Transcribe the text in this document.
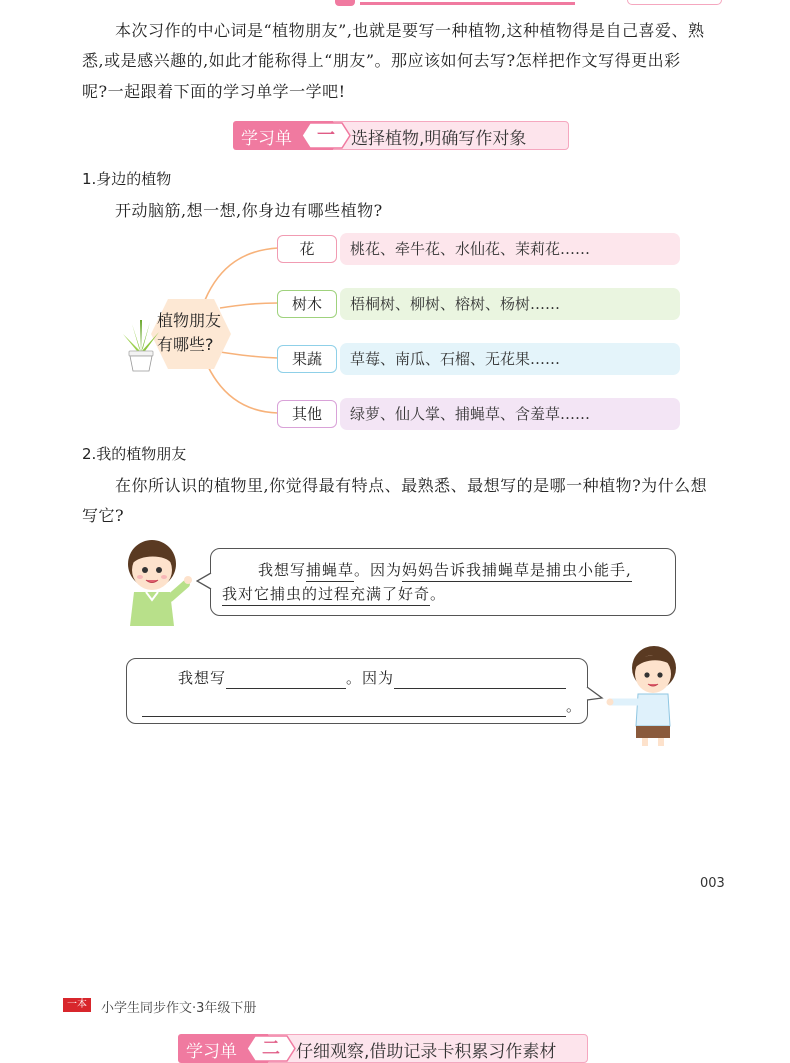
本次习作的中心词是“植物朋友”,也就是要写一种植物,这种植物得是自己喜爱、熟
悉,或是感兴趣的,如此才能称得上“朋友”。那应该如何去写?怎样把作文写得更出彩
呢?一起跟着下面的学习单学一学吧!
学习单	一 选择植物,明确写作对象
1.身边的植物
开动脑筋,想一想,你身边有哪些植物?
植物朋友
有哪些?
花	桃花、牵牛花、水仙花、茉莉花……
树木	梧桐树、柳树、榕树、杨树……
果蔬	草莓、南瓜、石榴、无花果……
其他	绿萝、仙人掌、捕蝇草、含羞草……
2.我的植物朋友
在你所认识的植物里,你觉得最有特点、最熟悉、最想写的是哪一种植物?为什么想
写它?
我想写捕蝇草。因为妈妈告诉我捕蝇草是捕虫小能手,
我对它捕虫的过程充满了好奇。
我想写	。因为
。
003
一本	小学生同步作文·3年级下册
学习单	二 仔细观察,借助记录卡积累习作素材
